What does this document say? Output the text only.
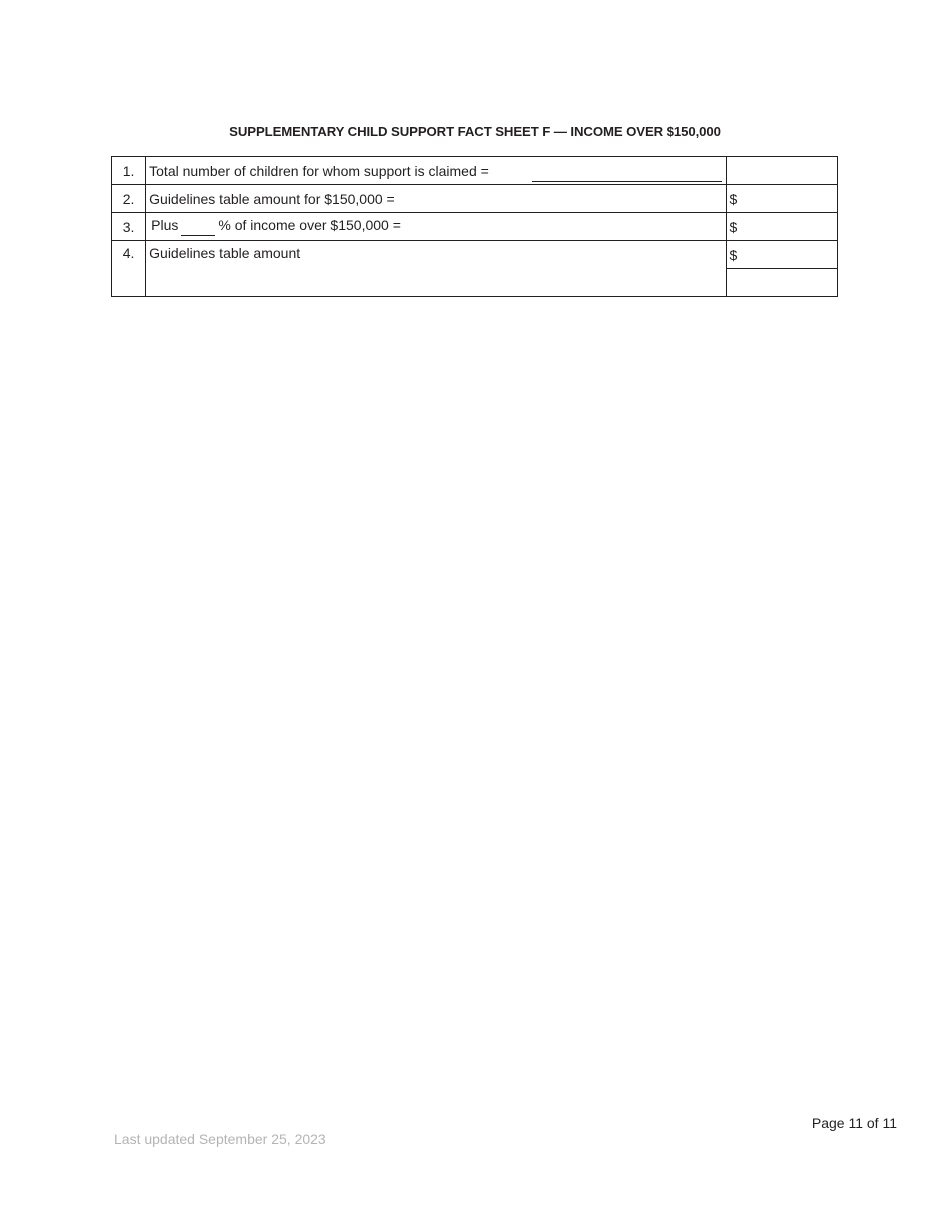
SUPPLEMENTARY CHILD SUPPORT FACT SHEET F — INCOME OVER $150,000
1.	Total number of children for whom support is claimed =

2.	Guidelines table amount for $150,000 =	$
3.	Plus % of income over $150,000 =	$
4.	Guidelines table amount	$

Page 11 of 11
Last updated September 25, 2023
